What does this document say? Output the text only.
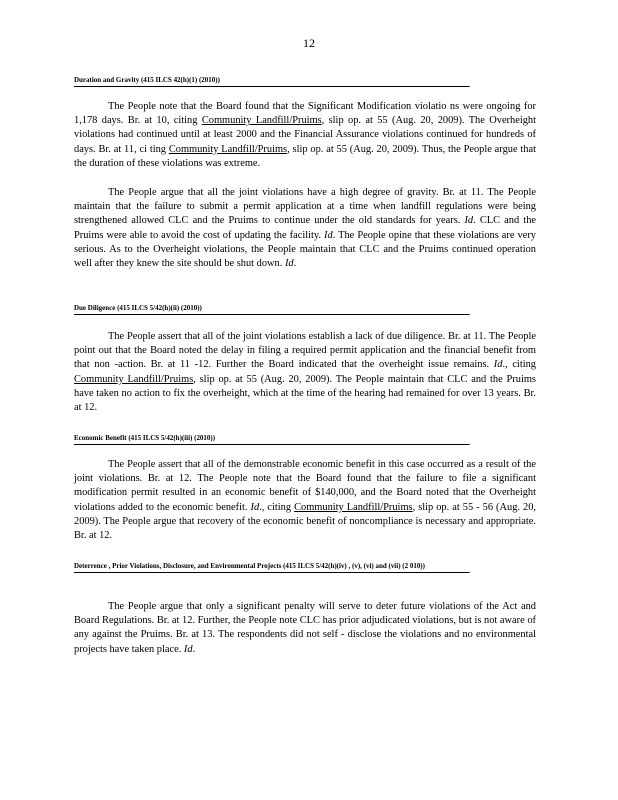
12
Duration and Gravity (415 ILCS 42(h)(1) (2010))
The People note that the Board found that the Significant Modification violatio ns were ongoing for 1,178 days. Br. at 10, citing Community Landfill/Pruims, slip op. at 55 (Aug. 20, 2009). The Overheight violations had continued until at least 2000 and the Financial Assurance violations continued for hundreds of days. Br. at 11, ci ting Community Landfill/Pruims, slip op. at 55 (Aug. 20, 2009). Thus, the People argue that the duration of these violations was extreme.
The People argue that all the joint violations have a high degree of gravity. Br. at 11. The People maintain that the failure to submit a permit application at a time when landfill regulations were being strengthened allowed CLC and the Pruims to continue under the old standards for years. Id. CLC and the Pruims were able to avoid the cost of updating the facility. Id. The People opine that these violations are very serious. As to the Overheight violations, the People maintain that CLC and the Pruims continued operation well after they knew the site should be shut down. Id.
Due Diligence (415 ILCS 5/42(h)(ii) (2010))
The People assert that all of the joint violations establish a lack of due diligence. Br. at 11. The People point out that the Board noted the delay in filing a required permit application and the financial benefit from that non -action. Br. at 11 -12. Further the Board indicated that the overheight issue remains. Id., citing Community Landfill/Pruims, slip op. at 55 (Aug. 20, 2009). The People maintain that CLC and the Pruims have taken no action to fix the overheight, which at the time of the hearing had remained for over 13 years. Br. at 12.
Economic Benefit (415 ILCS 5/42(h)(iii) (2010))
The People assert that all of the demonstrable economic benefit in this case occurred as a result of the joint violations. Br. at 12. The People note that the Board found that the failure to file a significant modification permit resulted in an economic benefit of $140,000, and the Board noted that the Overheight violations added to the economic benefit. Id., citing Community Landfill/Pruims, slip op. at 55 - 56 (Aug. 20, 2009). The People argue that recovery of the economic benefit of noncompliance is necessary and appropriate. Br. at 12.
Deterrence , Prior Violations, Disclosure, and Environmental Projects (415 ILCS 5/42(h)(iv) , (v), (vi) and (vii) (2 010))
The People argue that only a significant penalty will serve to deter future violations of the Act and Board Regulations. Br. at 12. Further, the People note CLC has prior adjudicated violations, but is not aware of any against the Pruims. Br. at 13. The respondents did not self - disclose the violations and no environmental projects have taken place. Id.
